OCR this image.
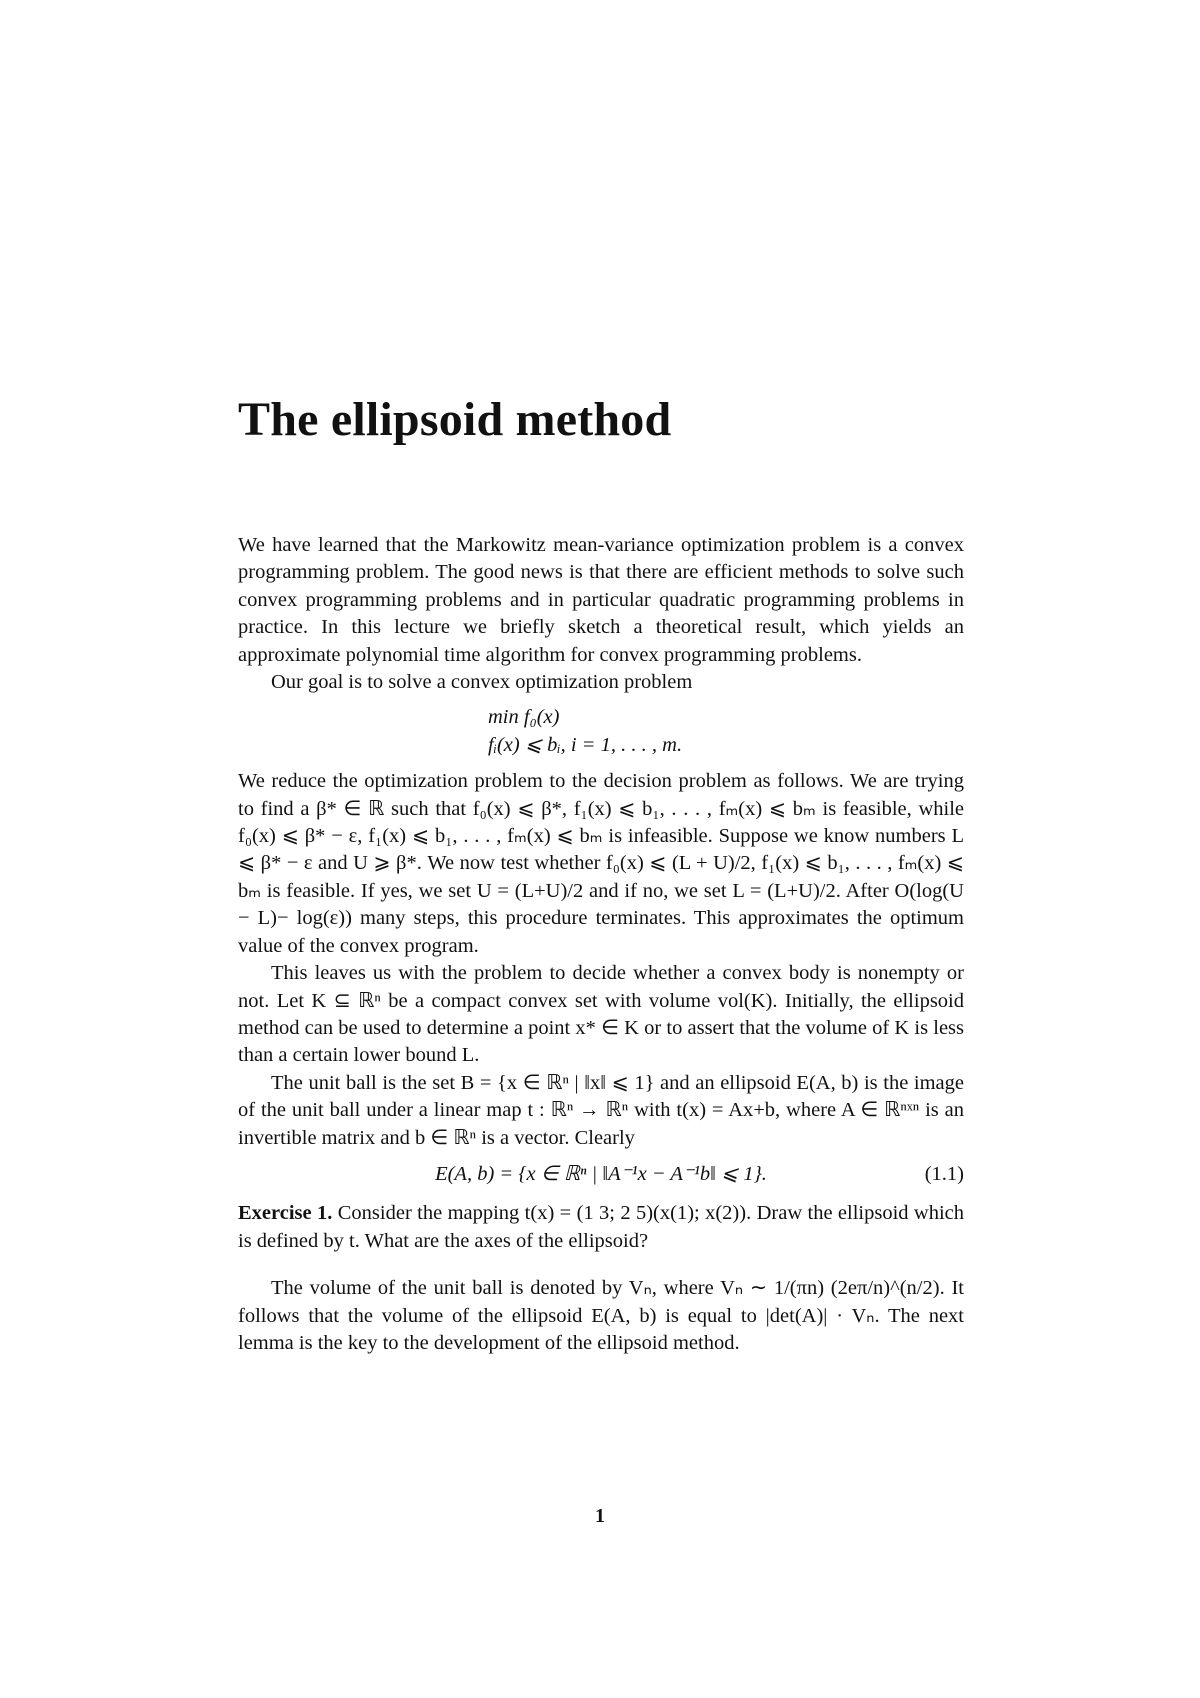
The ellipsoid method

We have learned that the Markowitz mean-variance optimization problem is a convex programming problem. The good news is that there are efficient methods to solve such convex programming problems and in particular quadratic programming problems in practice. In this lecture we briefly sketch a theoretical result, which yields an approximate polynomial time algorithm for convex programming problems.

Our goal is to solve a convex optimization problem

min f₀(x)
fᵢ(x) ⩽ bᵢ, i = 1, . . . , m.

We reduce the optimization problem to the decision problem as follows. We are trying to find a β* ∈ ℝ such that f₀(x) ⩽ β*, f₁(x) ⩽ b₁, . . . , fₘ(x) ⩽ bₘ is feasible, while f₀(x) ⩽ β* − ε, f₁(x) ⩽ b₁, . . . , fₘ(x) ⩽ bₘ is infeasible. Suppose we know numbers L ⩽ β* − ε and U ⩾ β*. We now test whether f₀(x) ⩽ (L + U)/2, f₁(x) ⩽ b₁, . . . , fₘ(x) ⩽ bₘ is feasible. If yes, we set U = (L+U)/2 and if no, we set L = (L+U)/2. After O(log(U − L)− log(ε)) many steps, this procedure terminates. This approximates the optimum value of the convex program.

This leaves us with the problem to decide whether a convex body is nonempty or not. Let K ⊆ ℝⁿ be a compact convex set with volume vol(K). Initially, the ellipsoid method can be used to determine a point x* ∈ K or to assert that the volume of K is less than a certain lower bound L.

The unit ball is the set B = {x ∈ ℝⁿ | ‖x‖ ⩽ 1} and an ellipsoid E(A, b) is the image of the unit ball under a linear map t : ℝⁿ → ℝⁿ with t(x) = Ax+b, where A ∈ ℝⁿˣⁿ is an invertible matrix and b ∈ ℝⁿ is a vector. Clearly

E(A, b) = {x ∈ ℝⁿ | ‖A⁻¹x − A⁻¹b‖ ⩽ 1}.	(1.1)

Exercise 1. Consider the mapping t(x) = (1 3; 2 5)(x(1); x(2)). Draw the ellipsoid which is defined by t. What are the axes of the ellipsoid?

The volume of the unit ball is denoted by Vₙ, where Vₙ ∼ 1/(πn) (2eπ/n)^(n/2). It follows that the volume of the ellipsoid E(A, b) is equal to |det(A)| · Vₙ. The next lemma is the key to the development of the ellipsoid method.

1
